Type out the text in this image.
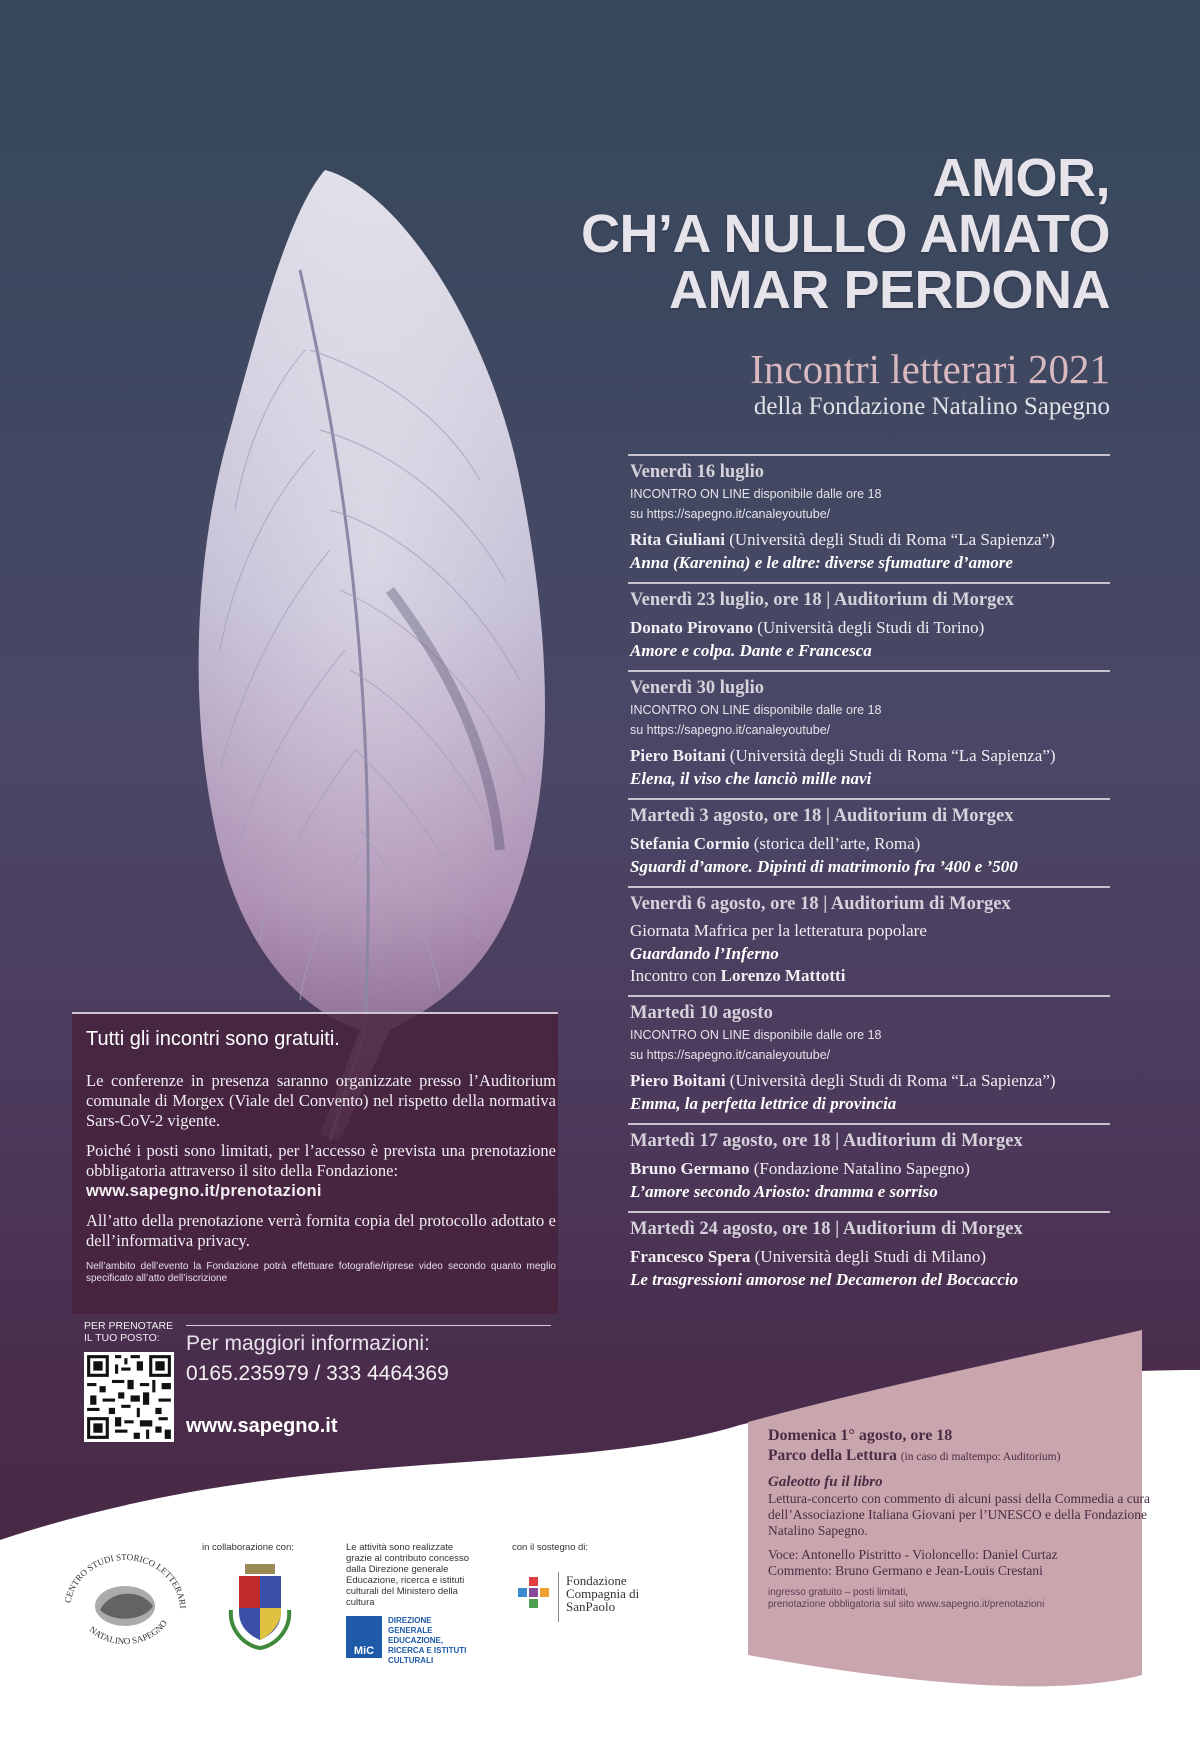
AMOR,
CH’A NULLO AMATO
AMAR PERDONA
Incontri letterari 2021
della Fondazione Natalino Sapegno
Venerdì 16 luglio
INCONTRO ON LINE disponibile dalle ore 18
su https://sapegno.it/canaleyoutube/
Rita Giuliani (Università degli Studi di Roma “La Sapienza”)
Anna (Karenina) e le altre: diverse sfumature d’amore
Venerdì 23 luglio, ore 18 | Auditorium di Morgex
Donato Pirovano (Università degli Studi di Torino)
Amore e colpa. Dante e Francesca
Venerdì 30 luglio
INCONTRO ON LINE disponibile dalle ore 18
su https://sapegno.it/canaleyoutube/
Piero Boitani (Università degli Studi di Roma “La Sapienza”)
Elena, il viso che lanciò mille navi
Martedì 3 agosto, ore 18 | Auditorium di Morgex
Stefania Cormio (storica dell’arte, Roma)
Sguardi d’amore. Dipinti di matrimonio fra ’400 e ’500
Venerdì 6 agosto, ore 18 | Auditorium di Morgex
Giornata Mafrica per la letteratura popolare
Guardando l’Inferno
Incontro con Lorenzo Mattotti
Martedì 10 agosto
INCONTRO ON LINE disponibile dalle ore 18
su https://sapegno.it/canaleyoutube/
Piero Boitani (Università degli Studi di Roma “La Sapienza”)
Emma, la perfetta lettrice di provincia
Martedì 17 agosto, ore 18 | Auditorium di Morgex
Bruno Germano (Fondazione Natalino Sapegno)
L’amore secondo Ariosto: dramma e sorriso
Martedì 24 agosto, ore 18 | Auditorium di Morgex
Francesco Spera (Università degli Studi di Milano)
Le trasgressioni amorose nel Decameron del Boccaccio
Tutti gli incontri sono gratuiti.

Le conferenze in presenza saranno organizzate presso l’Auditorium comunale di Morgex (Viale del Convento) nel rispetto della normativa Sars-CoV-2 vigente.

Poiché i posti sono limitati, per l’accesso è prevista una prenotazione obbligatoria attraverso il sito della Fondazione:
www.sapegno.it/prenotazioni

All’atto della prenotazione verrà fornita copia del protocollo adottato e dell’informativa privacy.

Nell’ambito dell’evento la Fondazione potrà effettuare fotografie/riprese video secondo quanto meglio specificato all’atto dell’iscrizione

PER PRENOTARE IL TUO POSTO:	Per maggiori informazioni:
0165.235979 / 333 4464369
www.sapegno.it	Domenica 1° agosto, ore 18
Parco della Lettura (in caso di maltempo: Auditorium)
Galeotto fu il libro
Lettura-concerto con commento di alcuni passi della Commedia a cura dell’Associazione Italiana Giovani per l’UNESCO e della Fondazione Natalino Sapegno.
Voce: Antonello Pistritto - Violoncello: Daniel Curtaz
Commento: Bruno Germano e Jean-Louis Crestani
ingresso gratuito – posti limitati,
prenotazione obbligatoria sul sito www.sapegno.it/prenotazioni
CENTRO STUDI STORICO LETTERARI
NATALINO SAPEGNO
in collaborazione con:	Le attività sono realizzate grazie al contributo concesso dalla Direzione generale Educazione, ricerca e istituti culturali del Ministero della cultura
MiC
DIREZIONE GENERALE EDUCAZIONE, RICERCA E ISTITUTI CULTURALI
con il sostegno di:
Fondazione Compagnia di SanPaolo
